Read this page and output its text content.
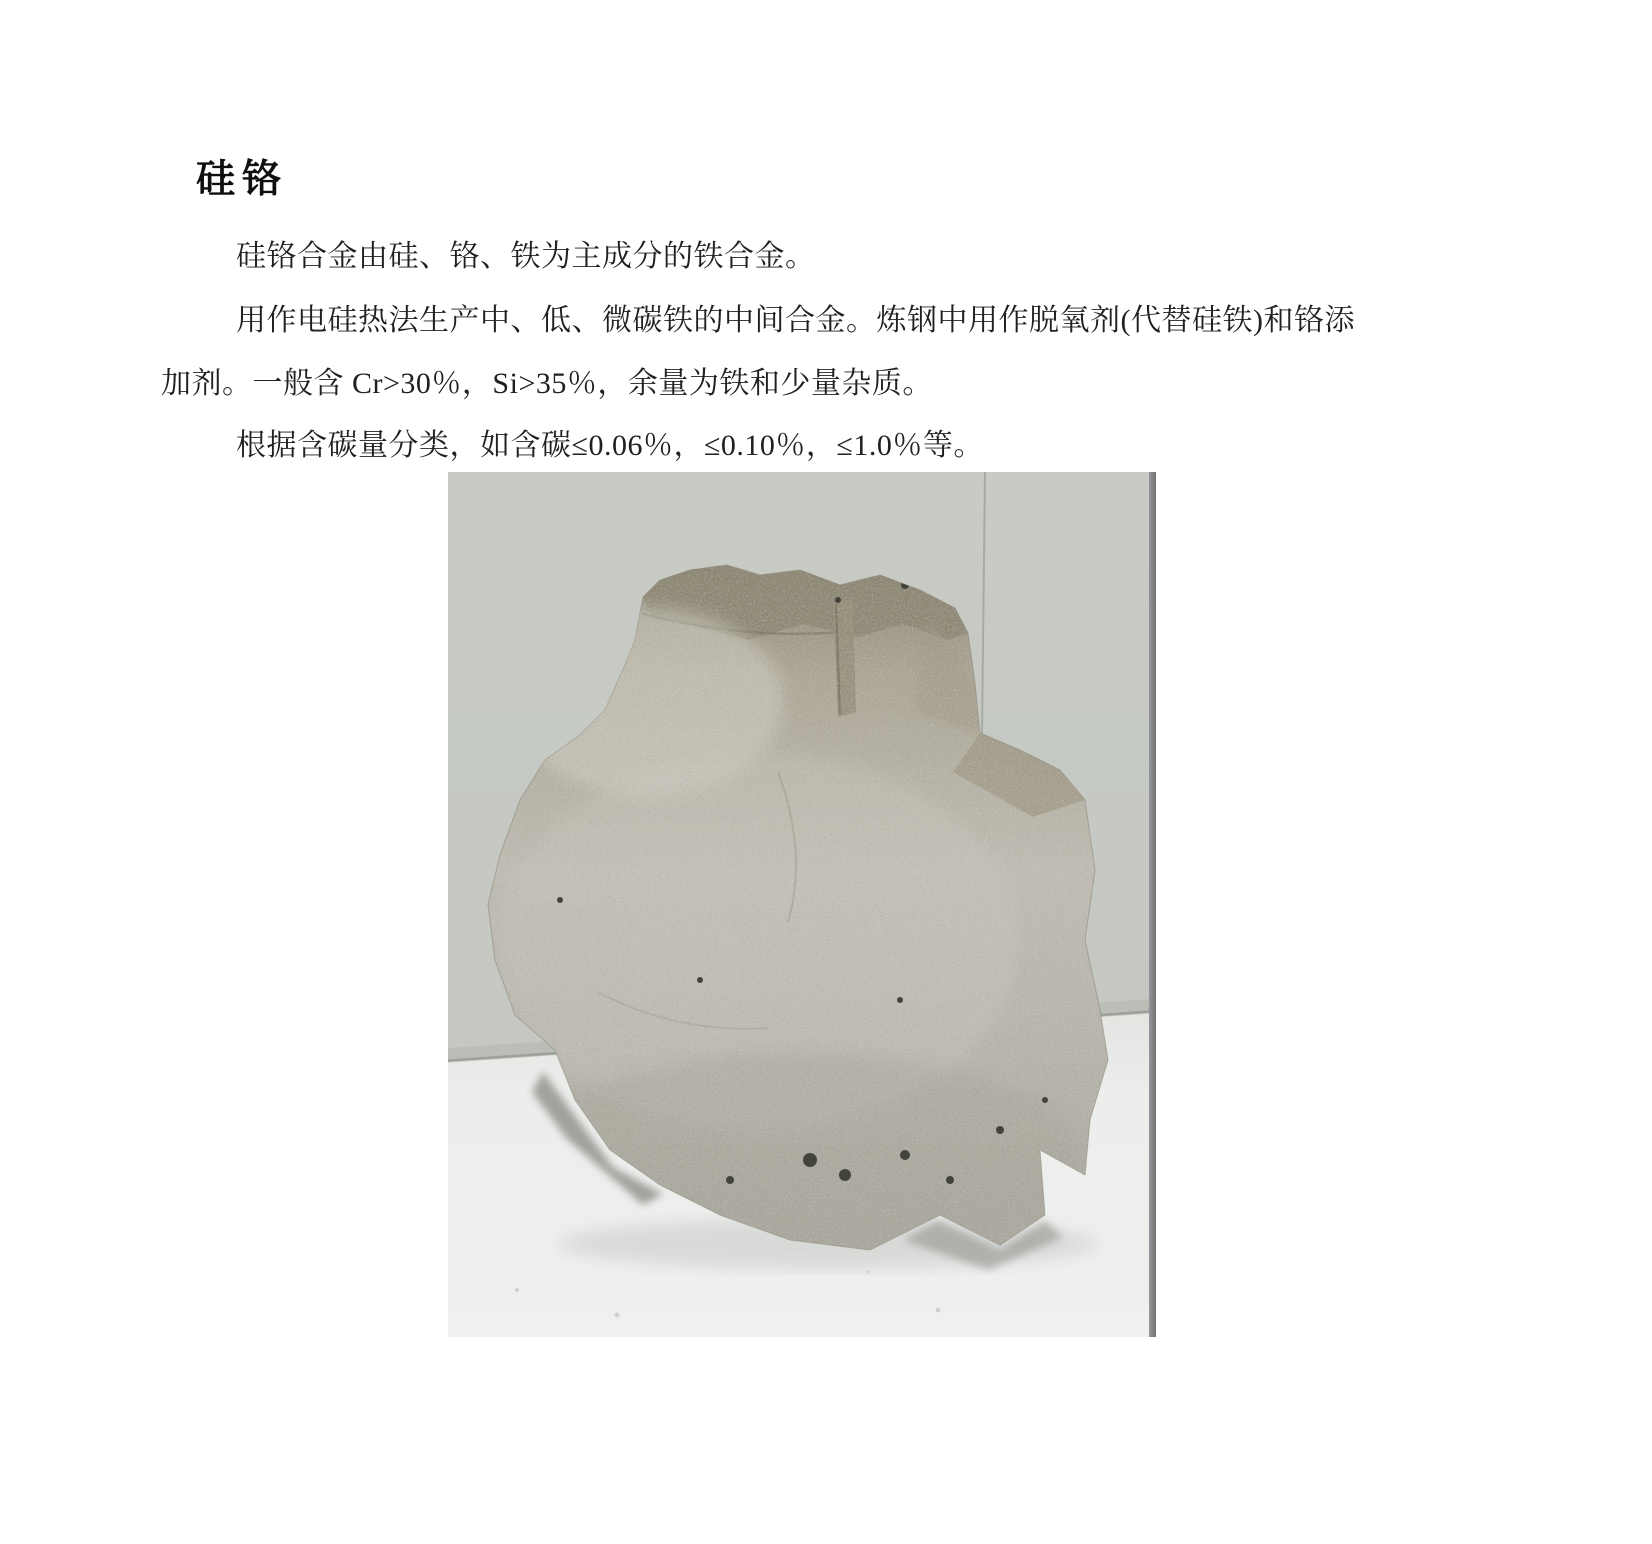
硅铬

硅铬合金由硅、铬、铁为主成分的铁合金。

用作电硅热法生产中、低、微碳铁的中间合金。炼钢中用作脱氧剂(代替硅铁)和铬添

加剂。一般含 Cr>30％，Si>35％，余量为铁和少量杂质。

根据含碳量分类，如含碳≤0.06％，≤0.10％，≤1.0％等。
